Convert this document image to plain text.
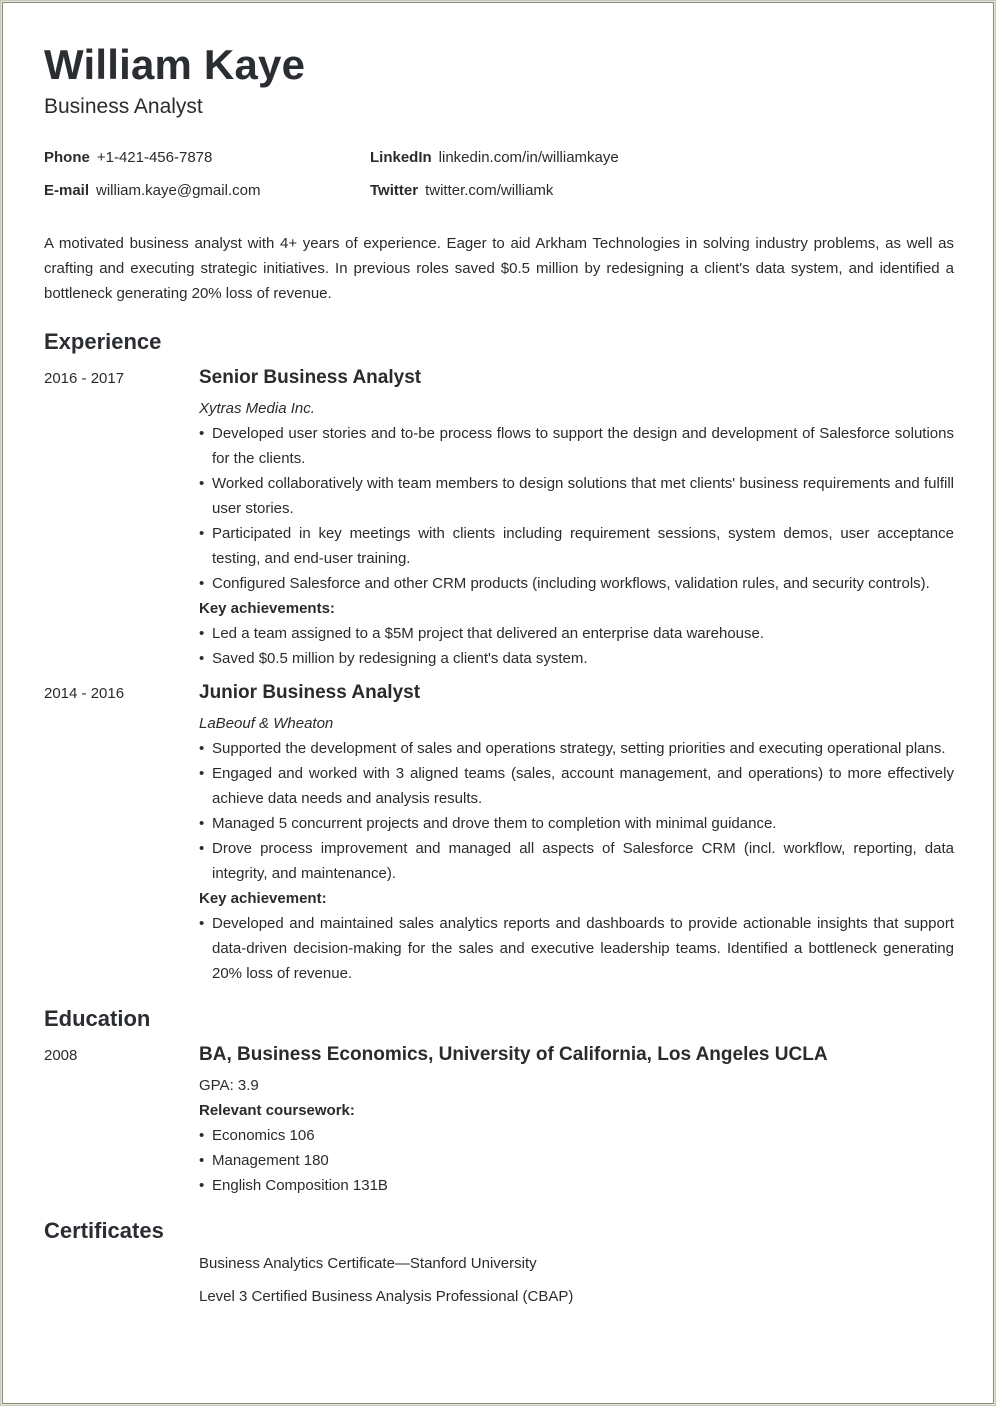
William Kaye
Business Analyst
Phone +1-421-456-7878	LinkedIn linkedin.com/in/williamkaye
E-mail william.kaye@gmail.com	Twitter twitter.com/williamk
A motivated business analyst with 4+ years of experience. Eager to aid Arkham Technologies in solving industry problems, as well as crafting and executing strategic initiatives. In previous roles saved $0.5 million by redesigning a client's data system, and identified a bottleneck generating 20% loss of revenue.
Experience
2016 - 2017	Senior Business Analyst
Xytras Media Inc.
• Developed user stories and to-be process flows to support the design and development of Salesforce solutions for the clients.
• Worked collaboratively with team members to design solutions that met clients' business requirements and fulfill user stories.
• Participated in key meetings with clients including requirement sessions, system demos, user acceptance testing, and end-user training.
• Configured Salesforce and other CRM products (including workflows, validation rules, and security controls).
Key achievements:
• Led a team assigned to a $5M project that delivered an enterprise data warehouse.
• Saved $0.5 million by redesigning a client's data system.
2014 - 2016	Junior Business Analyst
LaBeouf & Wheaton
• Supported the development of sales and operations strategy, setting priorities and executing operational plans.
• Engaged and worked with 3 aligned teams (sales, account management, and operations) to more effectively achieve data needs and analysis results.
• Managed 5 concurrent projects and drove them to completion with minimal guidance.
• Drove process improvement and managed all aspects of Salesforce CRM (incl. workflow, reporting, data integrity, and maintenance).
Key achievement:
• Developed and maintained sales analytics reports and dashboards to provide actionable insights that support data-driven decision-making for the sales and executive leadership teams. Identified a bottleneck generating 20% loss of revenue.
Education
2008	BA, Business Economics, University of California, Los Angeles UCLA
GPA: 3.9
Relevant coursework:
• Economics 106
• Management 180
• English Composition 131B
Certificates
Business Analytics Certificate—Stanford University
Level 3 Certified Business Analysis Professional (CBAP)
